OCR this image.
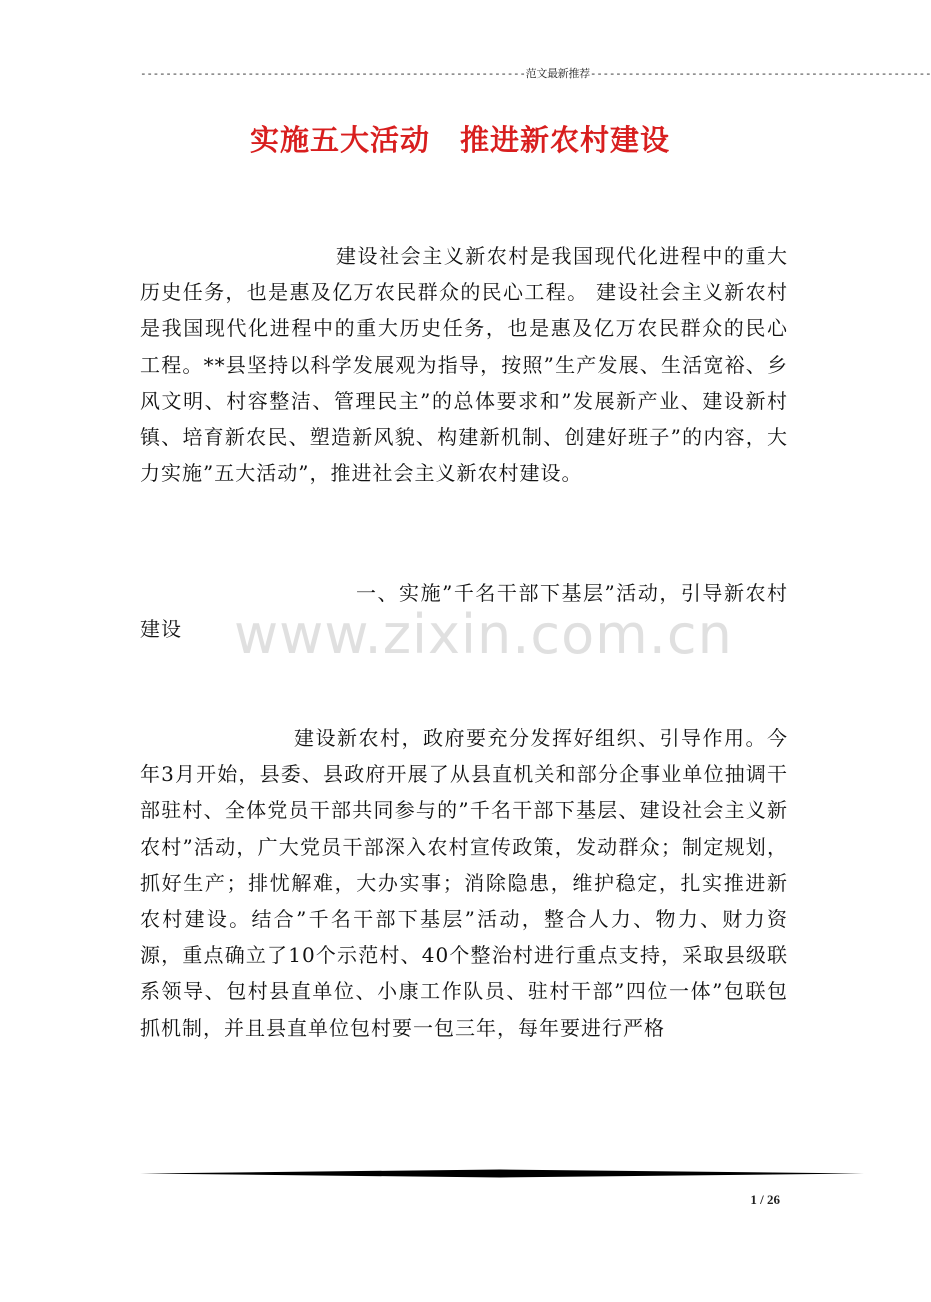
-------------------------------------------------------------范文最新推荐------------------------------------------------------
实施五大活动　推进新农村建设
www.zixin.com.cn
建设社会主义新农村是我国现代化进程中的重大历史任务，也是惠及亿万农民群众的民心工程。 建设社会主义新农村是我国现代化进程中的重大历史任务，也是惠及亿万农民群众的民心工程。**县坚持以科学发展观为指导，按照”生产发展、生活宽裕、乡风文明、村容整洁、管理民主”的总体要求和”发展新产业、建设新村镇、培育新农民、塑造新风貌、构建新机制、创建好班子”的内容，大力实施”五大活动”，推进社会主义新农村建设。
一、实施”千名干部下基层”活动，引导新农村建设
建设新农村，政府要充分发挥好组织、引导作用。今年3月开始，县委、县政府开展了从县直机关和部分企事业单位抽调干部驻村、全体党员干部共同参与的”千名干部下基层、建设社会主义新农村”活动，广大党员干部深入农村宣传政策，发动群众；制定规划，抓好生产；排忧解难，大办实事；消除隐患，维护稳定，扎实推进新农村建设。结合”千名干部下基层”活动，整合人力、物力、财力资源，重点确立了10个示范村、40个整治村进行重点支持，采取县级联系领导、包村县直单位、小康工作队员、驻村干部”四位一体”包联包抓机制，并且县直单位包村要一包三年，每年要进行严格
1 / 26
